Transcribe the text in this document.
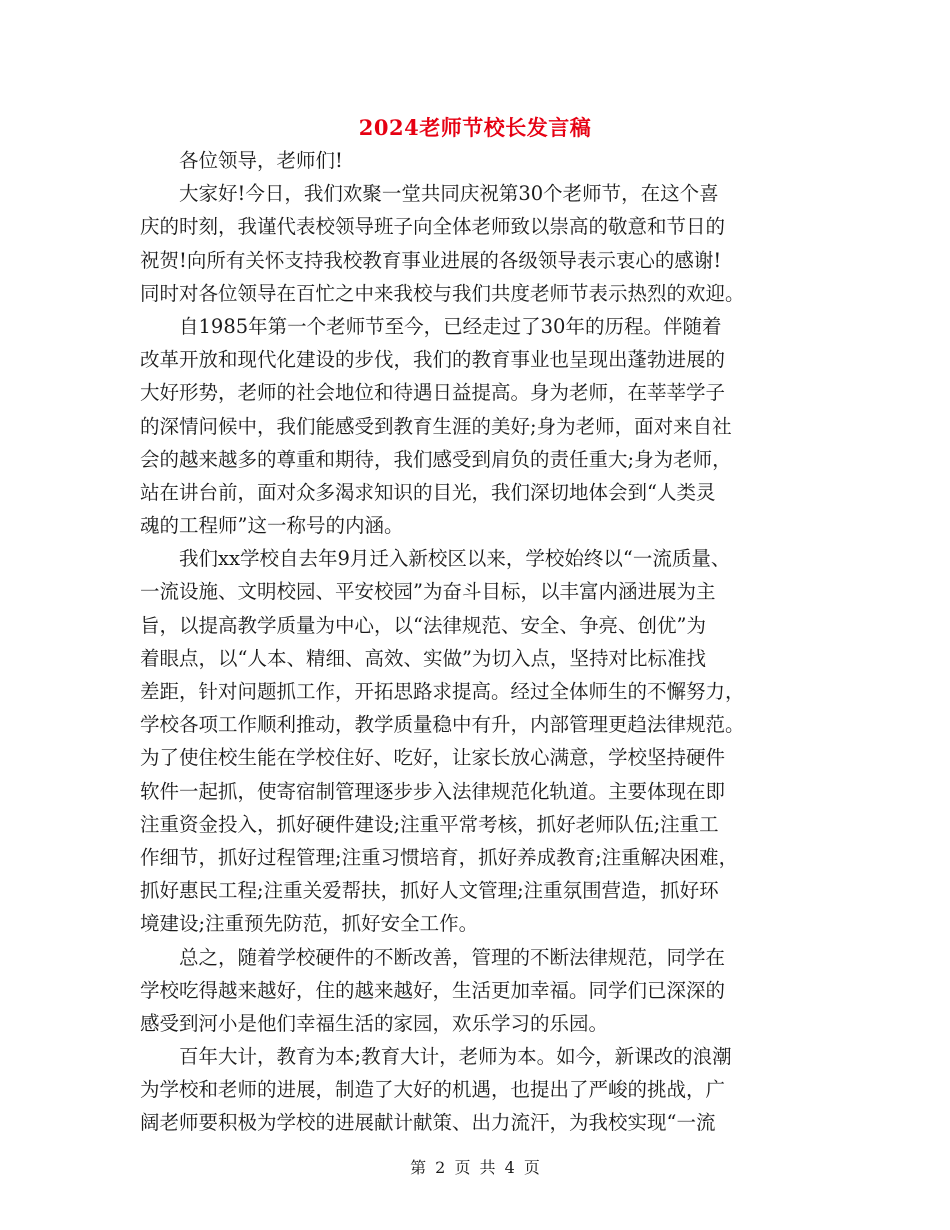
2024老师节校长发言稿
　　各位领导，老师们!
　　大家好!今日，我们欢聚一堂共同庆祝第30个老师节，在这个喜
庆的时刻，我谨代表校领导班子向全体老师致以崇高的敬意和节日的
祝贺!向所有关怀支持我校教育事业进展的各级领导表示衷心的感谢!
同时对各位领导在百忙之中来我校与我们共度老师节表示热烈的欢迎。
　　自1985年第一个老师节至今，已经走过了30年的历程。伴随着
改革开放和现代化建设的步伐，我们的教育事业也呈现出蓬勃进展的
大好形势，老师的社会地位和待遇日益提高。身为老师，在莘莘学子
的深情问候中，我们能感受到教育生涯的美好;身为老师，面对来自社
会的越来越多的尊重和期待，我们感受到肩负的责任重大;身为老师，
站在讲台前，面对众多渴求知识的目光，我们深切地体会到“人类灵
魂的工程师”这一称号的内涵。
　　我们xx学校自去年9月迁入新校区以来，学校始终以“一流质量、
一流设施、文明校园、平安校园”为奋斗目标，以丰富内涵进展为主
旨，以提高教学质量为中心，以“法律规范、安全、争亮、创优”为
着眼点，以“人本、精细、高效、实做”为切入点，坚持对比标准找
差距，针对问题抓工作，开拓思路求提高。经过全体师生的不懈努力，
学校各项工作顺利推动，教学质量稳中有升，内部管理更趋法律规范。
为了使住校生能在学校住好、吃好，让家长放心满意，学校坚持硬件
软件一起抓，使寄宿制管理逐步步入法律规范化轨道。主要体现在即
注重资金投入，抓好硬件建设;注重平常考核，抓好老师队伍;注重工
作细节，抓好过程管理;注重习惯培育，抓好养成教育;注重解决困难，
抓好惠民工程;注重关爱帮扶，抓好人文管理;注重氛围营造，抓好环
境建设;注重预先防范，抓好安全工作。
　　总之，随着学校硬件的不断改善，管理的不断法律规范，同学在
学校吃得越来越好，住的越来越好，生活更加幸福。同学们已深深的
感受到河小是他们幸福生活的家园，欢乐学习的乐园。
　　百年大计，教育为本;教育大计，老师为本。如今，新课改的浪潮
为学校和老师的进展，制造了大好的机遇，也提出了严峻的挑战，广
阔老师要积极为学校的进展献计献策、出力流汗，为我校实现“一流
第 2 页 共 4 页
